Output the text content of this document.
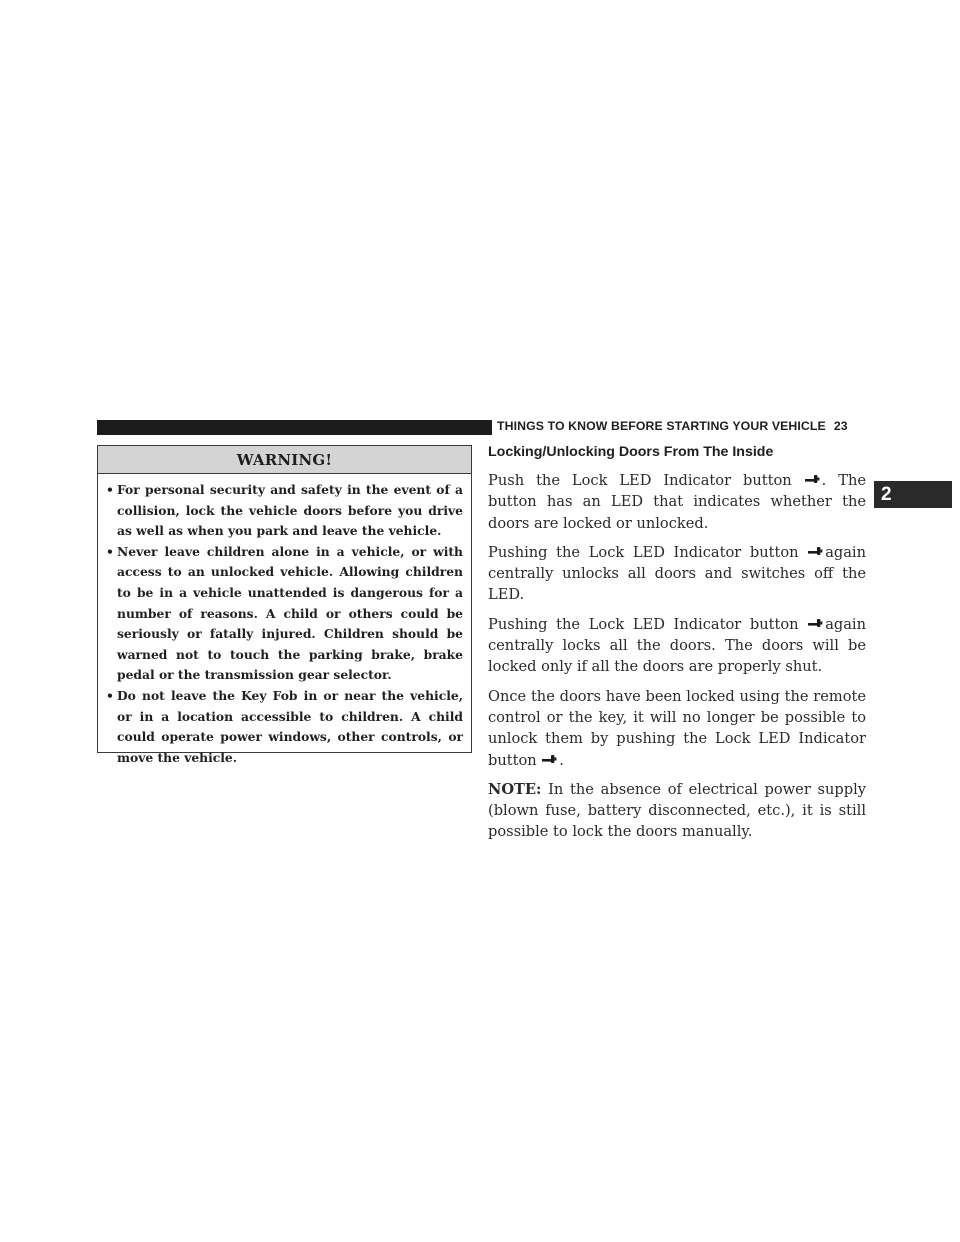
THINGS TO KNOW BEFORE STARTING YOUR VEHICLE 23
2
WARNING!
• For personal security and safety in the event of a collision, lock the vehicle doors before you drive as well as when you park and leave the vehicle.
• Never leave children alone in a vehicle, or with access to an unlocked vehicle. Allowing children to be in a vehicle unattended is dangerous for a number of reasons. A child or others could be seriously or fatally injured. Children should be warned not to touch the parking brake, brake pedal or the transmission gear selector.
• Do not leave the Key Fob in or near the vehicle, or in a location accessible to children. A child could operate power windows, other controls, or move the vehicle.
Locking/Unlocking Doors From The Inside

Push the Lock LED Indicator button . The button has an LED that indicates whether the doors are locked or unlocked.

Pushing the Lock LED Indicator button again centrally unlocks all doors and switches off the LED.

Pushing the Lock LED Indicator button again centrally locks all the doors. The doors will be locked only if all the doors are properly shut.

Once the doors have been locked using the remote control or the key, it will no longer be possible to unlock them by pushing the Lock LED Indicator button .

NOTE: In the absence of electrical power supply (blown fuse, battery disconnected, etc.), it is still possible to lock the doors manually.
